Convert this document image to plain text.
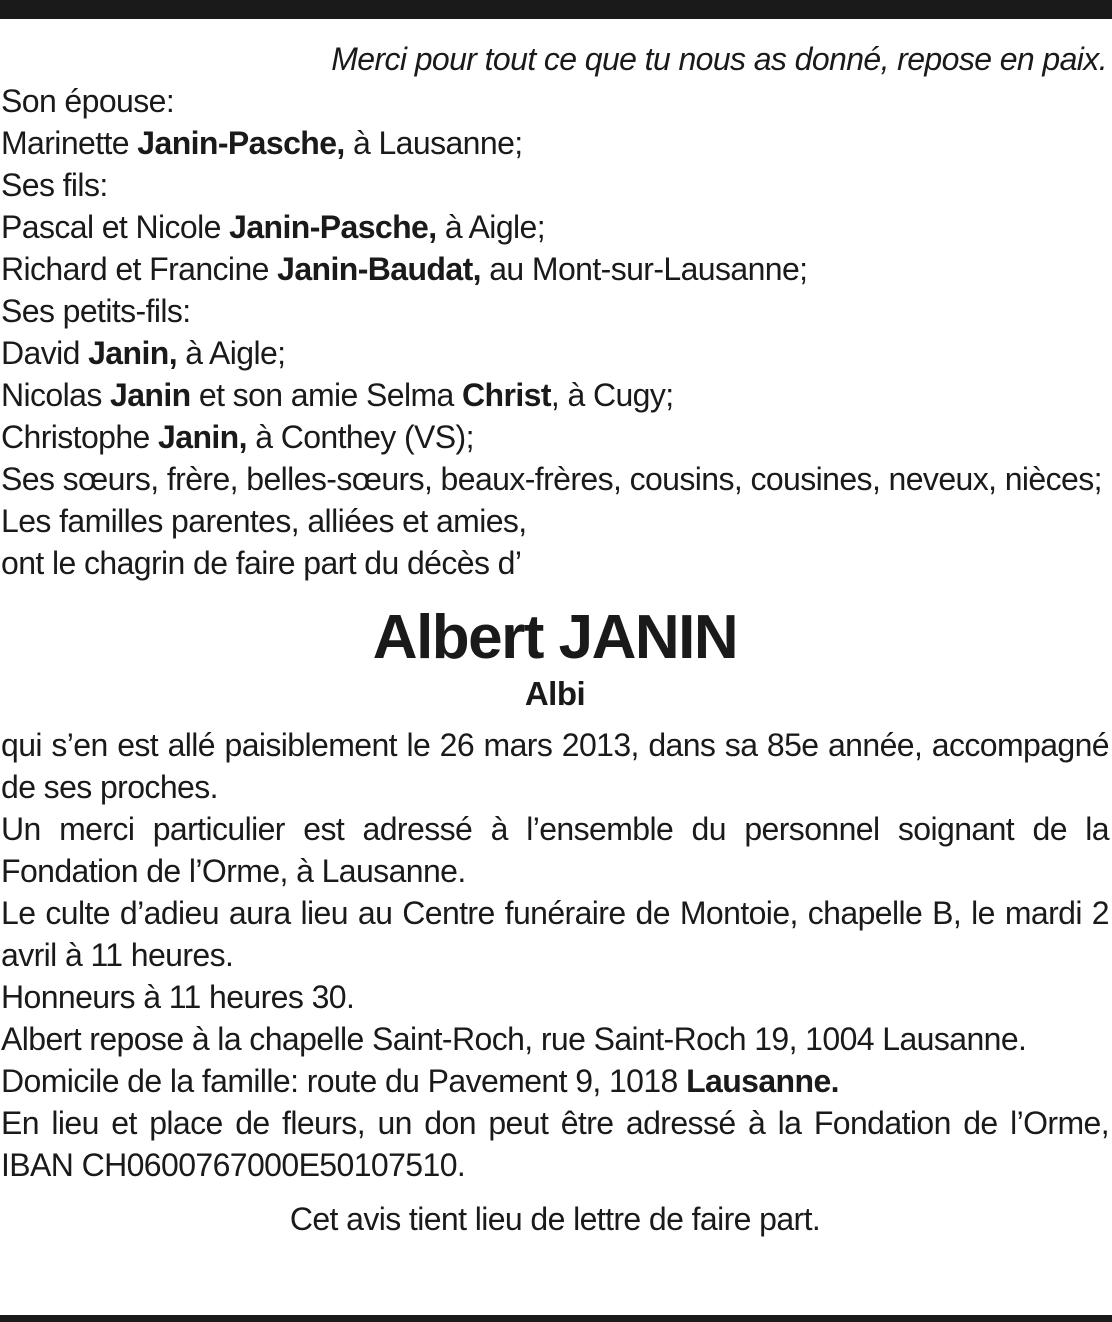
Merci pour tout ce que tu nous as donné, repose en paix.
Son épouse:
Marinette Janin-Pasche, à Lausanne;
Ses fils:
Pascal et Nicole Janin-Pasche, à Aigle;
Richard et Francine Janin-Baudat, au Mont-sur-Lausanne;
Ses petits-fils:
David Janin, à Aigle;
Nicolas Janin et son amie Selma Christ, à Cugy;
Christophe Janin, à Conthey (VS);
Ses sœurs, frère, belles-sœurs, beaux-frères, cousins, cousines, neveux, nièces;
Les familles parentes, alliées et amies,
ont le chagrin de faire part du décès d’
Albert JANIN
Albi
qui s’en est allé paisiblement le 26 mars 2013, dans sa 85e année, accompagné de ses proches.
Un merci particulier est adressé à l’ensemble du personnel soignant de la Fondation de l’Orme, à Lausanne.
Le culte d’adieu aura lieu au Centre funéraire de Montoie, chapelle B, le mardi 2 avril à 11 heures.
Honneurs à 11 heures 30.
Albert repose à la chapelle Saint-Roch, rue Saint-Roch 19, 1004 Lausanne.
Domicile de la famille: route du Pavement 9, 1018 Lausanne.
En lieu et place de fleurs, un don peut être adressé à la Fondation de l’Orme, IBAN CH0600767000E50107510.
Cet avis tient lieu de lettre de faire part.
